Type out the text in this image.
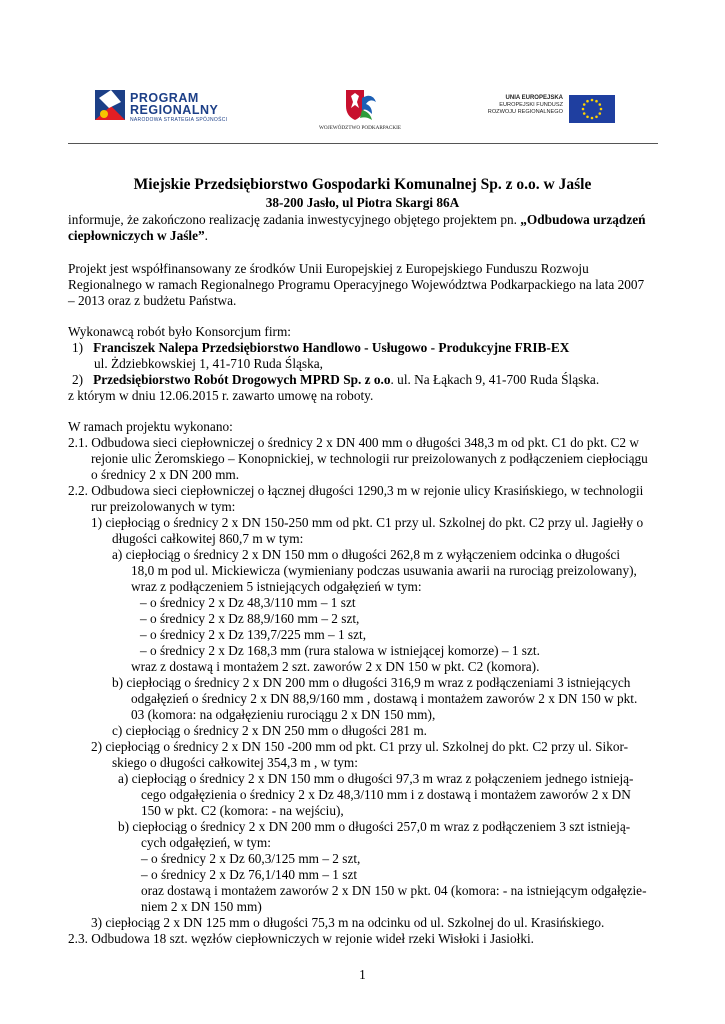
PROGRAM
REGIONALNY
NARODOWA STRATEGIA SPÓJNOŚCI
WOJEWÓDZTWO PODKARPACKIE
UNIA EUROPEJSKA
EUROPEJSKI FUNDUSZ
ROZWOJU REGIONALNEGO
Miejskie Przedsiębiorstwo Gospodarki Komunalnej Sp. z o.o. w Jaśle
38-200 Jasło, ul Piotra Skargi 86A
informuje, że zakończono realizację zadania inwestycyjnego objętego projektem pn. „Odbudowa urządzeń
ciepłowniczych w Jaśle”.
Projekt jest współfinansowany ze środków Unii Europejskiej z Europejskiego Funduszu Rozwoju
Regionalnego w ramach Regionalnego Programu Operacyjnego Województwa Podkarpackiego na lata 2007
– 2013 oraz z budżetu Państwa.
Wykonawcą robót było Konsorcjum firm:
1) Franciszek Nalepa Przedsiębiorstwo Handlowo - Usługowo - Produkcyjne FRIB-EX
ul. Żdziebkowskiej 1, 41-710 Ruda Śląska,
2) Przedsiębiorstwo Robót Drogowych MPRD Sp. z o.o. ul. Na Łąkach 9, 41-700 Ruda Śląska.
z którym w dniu 12.06.2015 r. zawarto umowę na roboty.
W ramach projektu wykonano:
2.1. Odbudowa sieci ciepłowniczej o średnicy 2 x DN 400 mm o długości 348,3 m od pkt. C1 do pkt. C2 w
rejonie ulic Żeromskiego – Konopnickiej, w technologii rur preizolowanych z podłączeniem ciepłociągu
o średnicy 2 x DN 200 mm.
2.2. Odbudowa sieci ciepłowniczej o łącznej długości 1290,3 m w rejonie ulicy Krasińskiego, w technologii
rur preizolowanych w tym:
1) ciepłociąg o średnicy 2 x DN 150-250 mm od pkt. C1 przy ul. Szkolnej do pkt. C2 przy ul. Jagiełły o
długości całkowitej 860,7 m w tym:
a) ciepłociąg o średnicy 2 x DN 150 mm o długości 262,8 m z wyłączeniem odcinka o długości
18,0 m pod ul. Mickiewicza (wymieniany podczas usuwania awarii na rurociąg preizolowany),
wraz z podłączeniem 5 istniejących odgałęzień w tym:
– o średnicy 2 x Dz 48,3/110 mm – 1 szt
– o średnicy 2 x Dz 88,9/160 mm – 2 szt,
– o średnicy 2 x Dz 139,7/225 mm – 1 szt,
– o średnicy 2 x Dz 168,3 mm (rura stalowa w istniejącej komorze) – 1 szt.
wraz z dostawą i montażem 2 szt. zaworów 2 x DN 150 w pkt. C2 (komora).
b) ciepłociąg o średnicy 2 x DN 200 mm o długości 316,9 m wraz z podłączeniami 3 istniejących
odgałęzień o średnicy 2 x DN 88,9/160 mm , dostawą i montażem zaworów 2 x DN 150 w pkt.
03 (komora: na odgałęzieniu rurociągu 2 x DN 150 mm),
c) ciepłociąg o średnicy 2 x DN 250 mm o długości 281 m.
2) ciepłociąg o średnicy 2 x DN 150 -200 mm od pkt. C1 przy ul. Szkolnej do pkt. C2 przy ul. Sikor-
skiego o długości całkowitej 354,3 m , w tym:
a) ciepłociąg o średnicy 2 x DN 150 mm o długości 97,3 m wraz z połączeniem jednego istnieją-
cego odgałęzienia o średnicy 2 x Dz 48,3/110 mm i z dostawą i montażem zaworów 2 x DN
150 w pkt. C2 (komora: - na wejściu),
b) ciepłociąg o średnicy 2 x DN 200 mm o długości 257,0 m wraz z podłączeniem 3 szt istnieją-
cych odgałęzień, w tym:
– o średnicy 2 x Dz 60,3/125 mm – 2 szt,
– o średnicy 2 x Dz 76,1/140 mm – 1 szt
oraz dostawą i montażem zaworów 2 x DN 150 w pkt. 04 (komora: - na istniejącym odgałęzie-
niem 2 x DN 150 mm)
3) ciepłociąg 2 x DN 125 mm o długości 75,3 m na odcinku od ul. Szkolnej do ul. Krasińskiego.
2.3. Odbudowa 18 szt. węzłów ciepłowniczych w rejonie wideł rzeki Wisłoki i Jasiołki.
1
